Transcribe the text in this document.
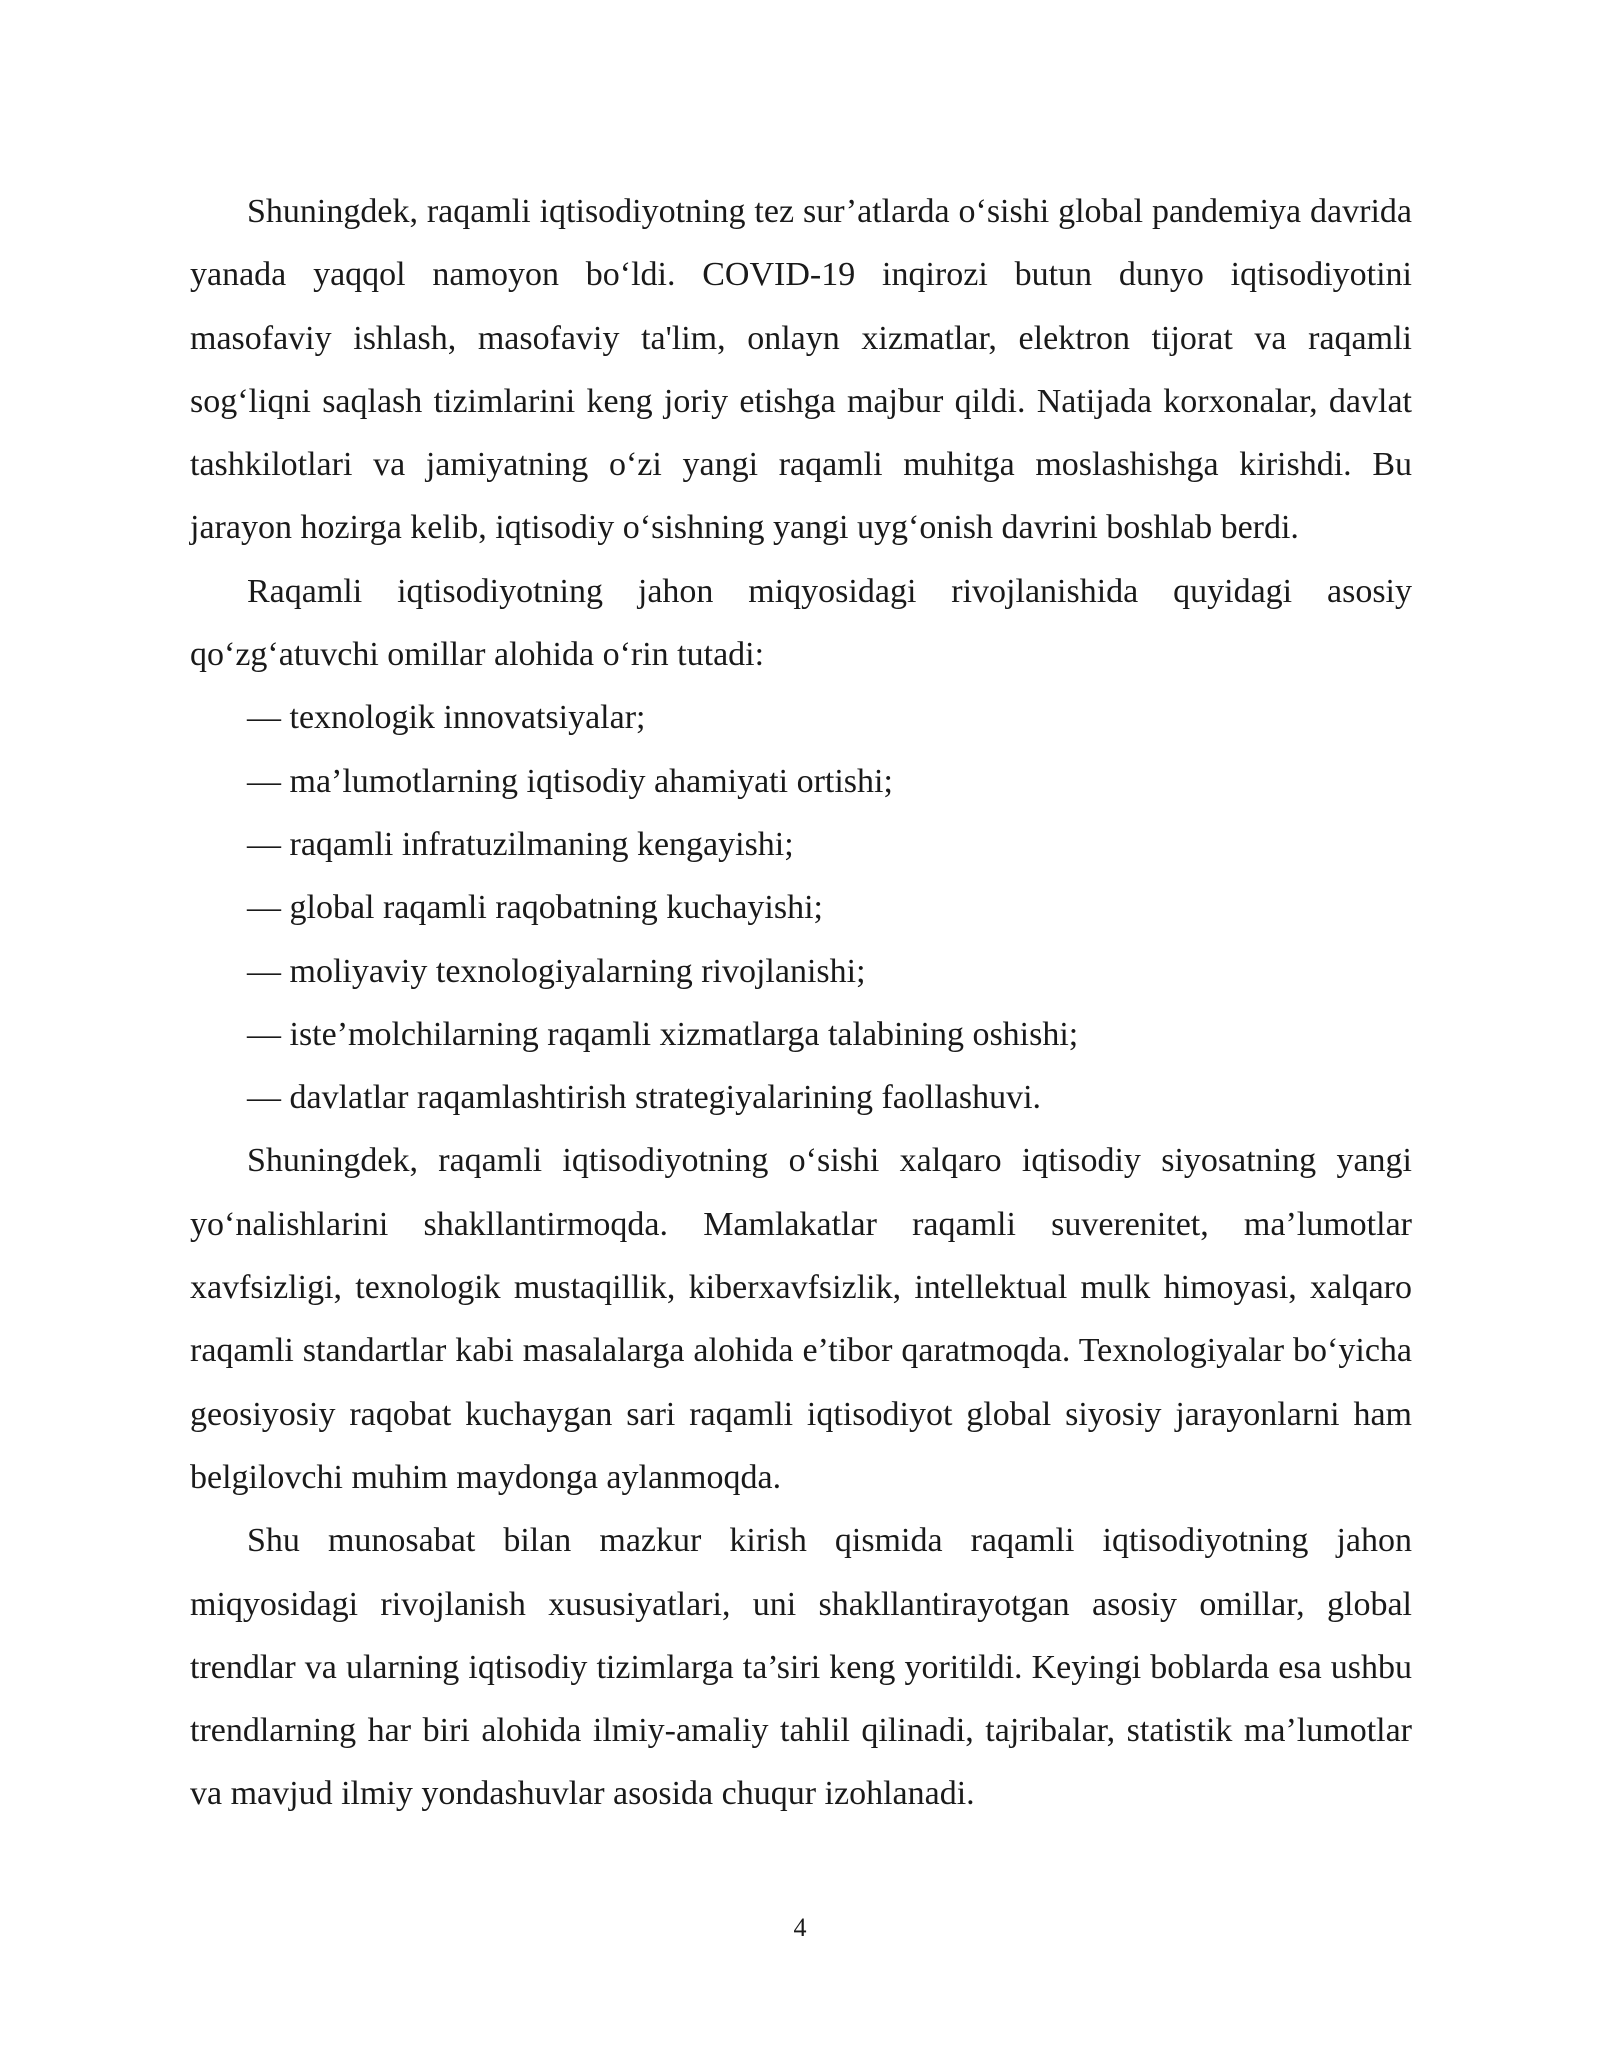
Shuningdek, raqamli iqtisodiyotning tez sur’atlarda o‘sishi global pandemiya davrida yanada yaqqol namoyon bo‘ldi. COVID-19 inqirozi butun dunyo iqtisodiyotini masofaviy ishlash, masofaviy ta'lim, onlayn xizmatlar, elektron tijorat va raqamli sog‘liqni saqlash tizimlarini keng joriy etishga majbur qildi. Natijada korxonalar, davlat tashkilotlari va jamiyatning o‘zi yangi raqamli muhitga moslashishga kirishdi. Bu jarayon hozirga kelib, iqtisodiy o‘sishning yangi uyg‘onish davrini boshlab berdi.

Raqamli iqtisodiyotning jahon miqyosidagi rivojlanishida quyidagi asosiy qo‘zg‘atuvchi omillar alohida o‘rin tutadi:

— texnologik innovatsiyalar;
— ma’lumotlarning iqtisodiy ahamiyati ortishi;
— raqamli infratuzilmaning kengayishi;
— global raqamli raqobatning kuchayishi;
— moliyaviy texnologiyalarning rivojlanishi;
— iste’molchilarning raqamli xizmatlarga talabining oshishi;
— davlatlar raqamlashtirish strategiyalarining faollashuvi.

Shuningdek, raqamli iqtisodiyotning o‘sishi xalqaro iqtisodiy siyosatning yangi yo‘nalishlarini shakllantirmoqda. Mamlakatlar raqamli suverenitet, ma’lumotlar xavfsizligi, texnologik mustaqillik, kiberxavfsizlik, intellektual mulk himoyasi, xalqaro raqamli standartlar kabi masalalarga alohida e’tibor qaratmoqda. Texnologiyalar bo‘yicha geosiyosiy raqobat kuchaygan sari raqamli iqtisodiyot global siyosiy jarayonlarni ham belgilovchi muhim maydonga aylanmoqda.

Shu munosabat bilan mazkur kirish qismida raqamli iqtisodiyotning jahon miqyosidagi rivojlanish xususiyatlari, uni shakllantirayotgan asosiy omillar, global trendlar va ularning iqtisodiy tizimlarga ta’siri keng yoritildi. Keyingi boblarda esa ushbu trendlarning har biri alohida ilmiy-amaliy tahlil qilinadi, tajribalar, statistik ma’lumotlar va mavjud ilmiy yondashuvlar asosida chuqur izohlanadi.

4
